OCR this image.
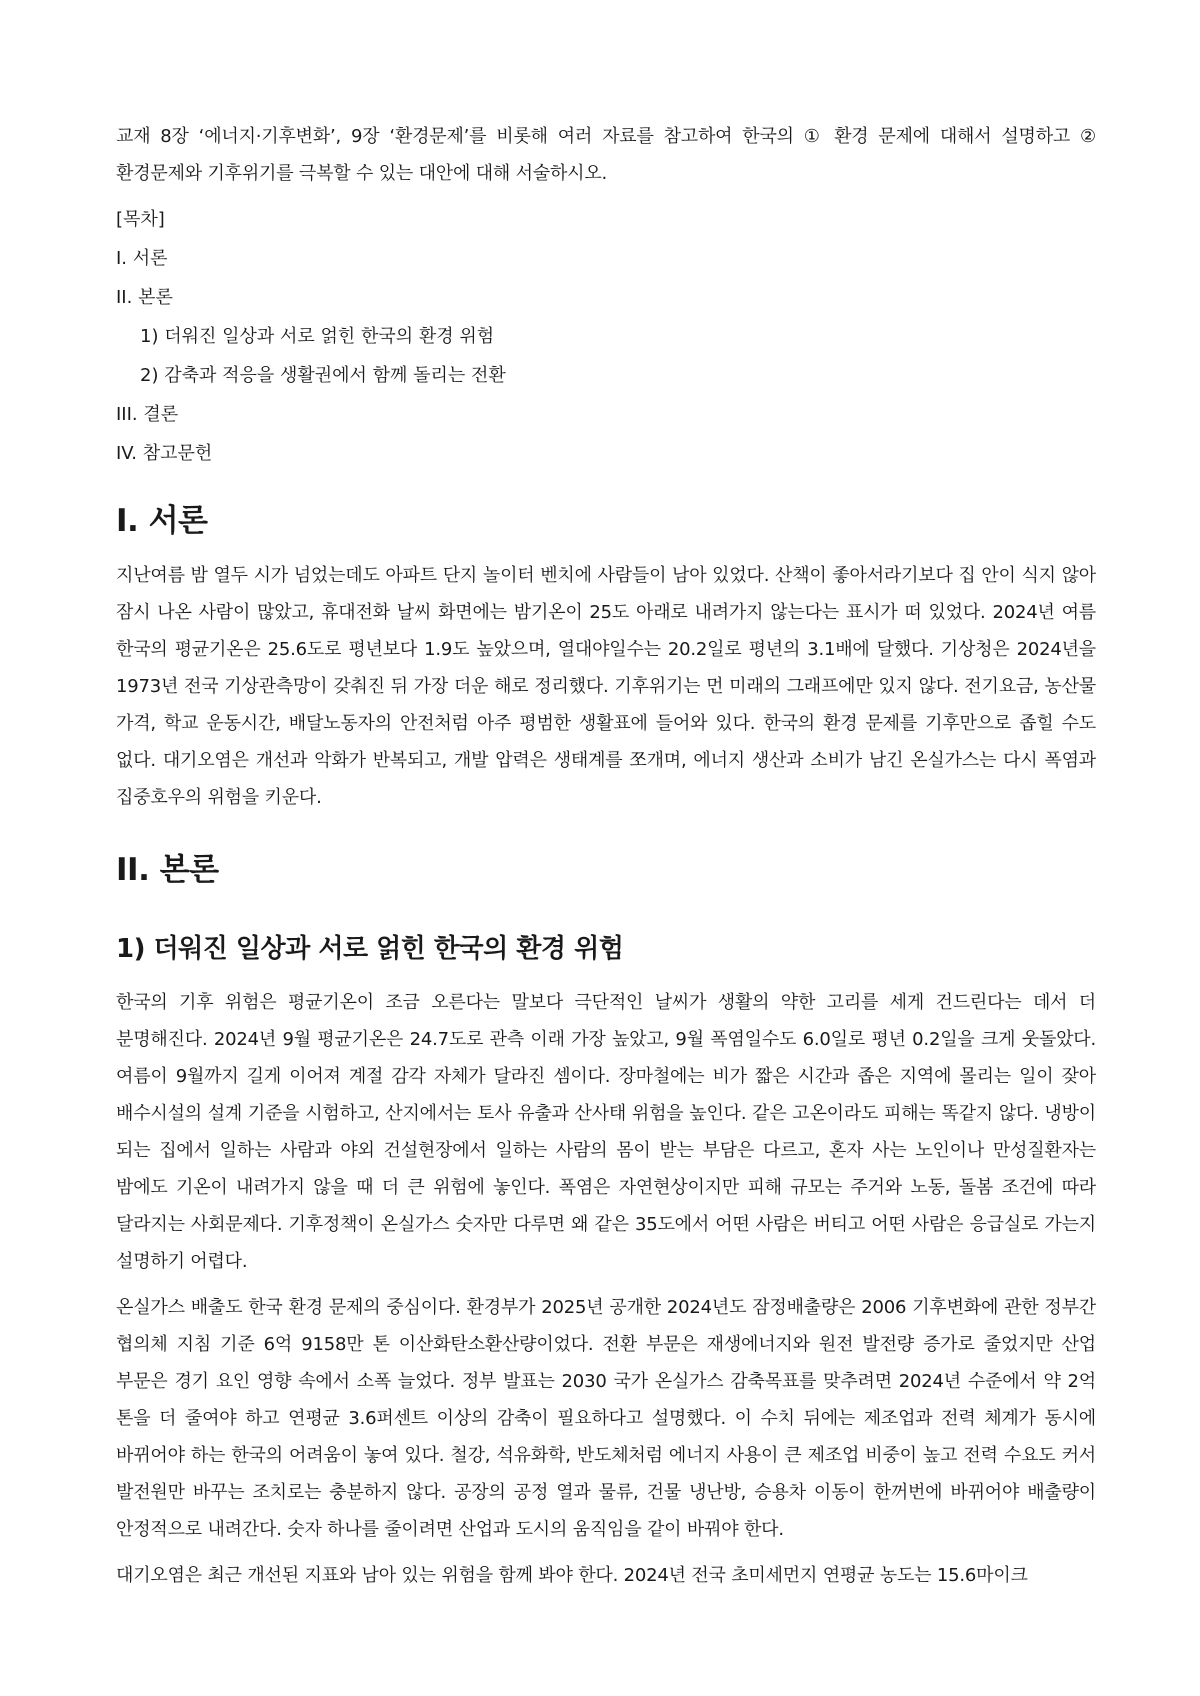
교재 8장 ‘에너지·기후변화’, 9장 ‘환경문제’를 비롯해 여러 자료를 참고하여 한국의 ① 환경 문제에 대해서 설명하고 ② 환경문제와 기후위기를 극복할 수 있는 대안에 대해 서술하시오.

[목차]
I. 서론
II. 본론
1) 더워진 일상과 서로 얽힌 한국의 환경 위험
2) 감축과 적응을 생활권에서 함께 돌리는 전환
III. 결론
IV. 참고문헌
I. 서론

지난여름 밤 열두 시가 넘었는데도 아파트 단지 놀이터 벤치에 사람들이 남아 있었다. 산책이 좋아서라기보다 집 안이 식지 않아 잠시 나온 사람이 많았고, 휴대전화 날씨 화면에는 밤기온이 25도 아래로 내려가지 않는다는 표시가 떠 있었다. 2024년 여름 한국의 평균기온은 25.6도로 평년보다 1.9도 높았으며, 열대야일수는 20.2일로 평년의 3.1배에 달했다. 기상청은 2024년을 1973년 전국 기상관측망이 갖춰진 뒤 가장 더운 해로 정리했다. 기후위기는 먼 미래의 그래프에만 있지 않다. 전기요금, 농산물 가격, 학교 운동시간, 배달노동자의 안전처럼 아주 평범한 생활표에 들어와 있다. 한국의 환경 문제를 기후만으로 좁힐 수도 없다. 대기오염은 개선과 악화가 반복되고, 개발 압력은 생태계를 쪼개며, 에너지 생산과 소비가 남긴 온실가스는 다시 폭염과 집중호우의 위험을 키운다.

II. 본론
1) 더워진 일상과 서로 얽힌 한국의 환경 위험

한국의 기후 위험은 평균기온이 조금 오른다는 말보다 극단적인 날씨가 생활의 약한 고리를 세게 건드린다는 데서 더 분명해진다. 2024년 9월 평균기온은 24.7도로 관측 이래 가장 높았고, 9월 폭염일수도 6.0일로 평년 0.2일을 크게 웃돌았다. 여름이 9월까지 길게 이어져 계절 감각 자체가 달라진 셈이다. 장마철에는 비가 짧은 시간과 좁은 지역에 몰리는 일이 잦아 배수시설의 설계 기준을 시험하고, 산지에서는 토사 유출과 산사태 위험을 높인다. 같은 고온이라도 피해는 똑같지 않다. 냉방이 되는 집에서 일하는 사람과 야외 건설현장에서 일하는 사람의 몸이 받는 부담은 다르고, 혼자 사는 노인이나 만성질환자는 밤에도 기온이 내려가지 않을 때 더 큰 위험에 놓인다. 폭염은 자연현상이지만 피해 규모는 주거와 노동, 돌봄 조건에 따라 달라지는 사회문제다. 기후정책이 온실가스 숫자만 다루면 왜 같은 35도에서 어떤 사람은 버티고 어떤 사람은 응급실로 가는지 설명하기 어렵다.

온실가스 배출도 한국 환경 문제의 중심이다. 환경부가 2025년 공개한 2024년도 잠정배출량은 2006 기후변화에 관한 정부간 협의체 지침 기준 6억 9158만 톤 이산화탄소환산량이었다. 전환 부문은 재생에너지와 원전 발전량 증가로 줄었지만 산업 부문은 경기 요인 영향 속에서 소폭 늘었다. 정부 발표는 2030 국가 온실가스 감축목표를 맞추려면 2024년 수준에서 약 2억 톤을 더 줄여야 하고 연평균 3.6퍼센트 이상의 감축이 필요하다고 설명했다. 이 수치 뒤에는 제조업과 전력 체계가 동시에 바뀌어야 하는 한국의 어려움이 놓여 있다. 철강, 석유화학, 반도체처럼 에너지 사용이 큰 제조업 비중이 높고 전력 수요도 커서 발전원만 바꾸는 조치로는 충분하지 않다. 공장의 공정 열과 물류, 건물 냉난방, 승용차 이동이 한꺼번에 바뀌어야 배출량이 안정적으로 내려간다. 숫자 하나를 줄이려면 산업과 도시의 움직임을 같이 바꿔야 한다.

대기오염은 최근 개선된 지표와 남아 있는 위험을 함께 봐야 한다. 2024년 전국 초미세먼지 연평균 농도는 15.6마이크
